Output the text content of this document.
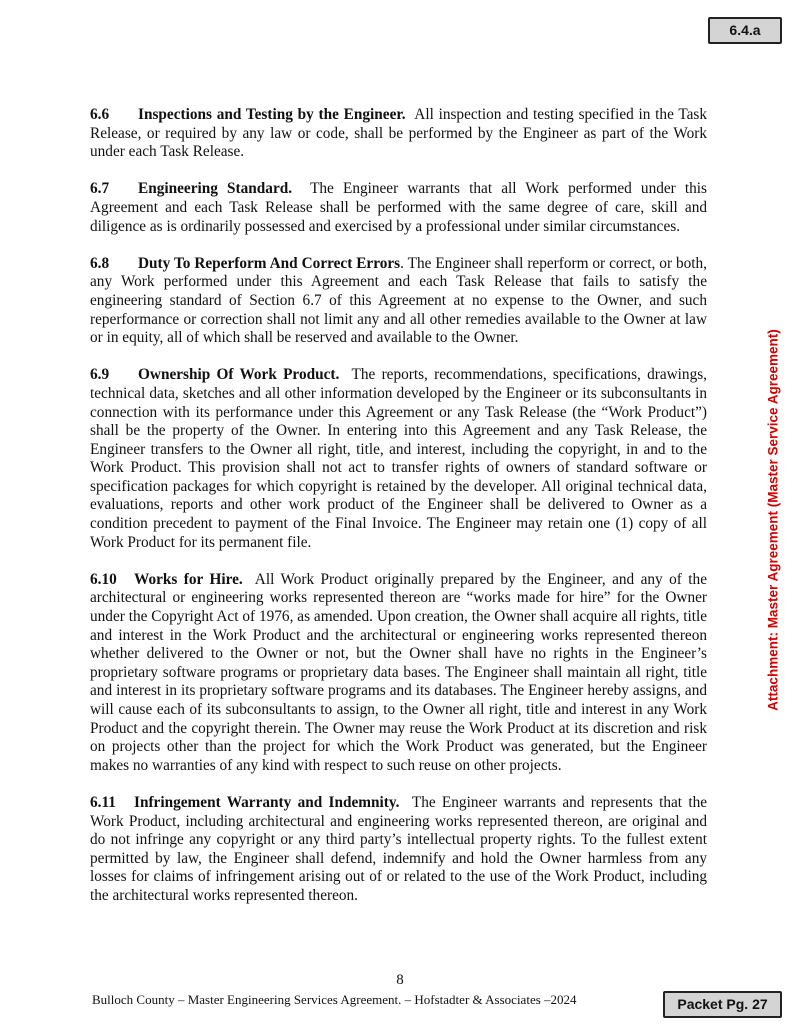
6.4.a

6.6 Inspections and Testing by the Engineer. All inspection and testing specified in the Task Release, or required by any law or code, shall be performed by the Engineer as part of the Work under each Task Release.

6.7 Engineering Standard. The Engineer warrants that all Work performed under this Agreement and each Task Release shall be performed with the same degree of care, skill and diligence as is ordinarily possessed and exercised by a professional under similar circumstances.

6.8 Duty To Reperform And Correct Errors. The Engineer shall reperform or correct, or both, any Work performed under this Agreement and each Task Release that fails to satisfy the engineering standard of Section 6.7 of this Agreement at no expense to the Owner, and such reperformance or correction shall not limit any and all other remedies available to the Owner at law or in equity, all of which shall be reserved and available to the Owner.

6.9 Ownership Of Work Product. The reports, recommendations, specifications, drawings, technical data, sketches and all other information developed by the Engineer or its subconsultants in connection with its performance under this Agreement or any Task Release (the “Work Product”) shall be the property of the Owner. In entering into this Agreement and any Task Release, the Engineer transfers to the Owner all right, title, and interest, including the copyright, in and to the Work Product. This provision shall not act to transfer rights of owners of standard software or specification packages for which copyright is retained by the developer. All original technical data, evaluations, reports and other work product of the Engineer shall be delivered to Owner as a condition precedent to payment of the Final Invoice. The Engineer may retain one (1) copy of all Work Product for its permanent file.

6.10 Works for Hire. All Work Product originally prepared by the Engineer, and any of the architectural or engineering works represented thereon are “works made for hire” for the Owner under the Copyright Act of 1976, as amended. Upon creation, the Owner shall acquire all rights, title and interest in the Work Product and the architectural or engineering works represented thereon whether delivered to the Owner or not, but the Owner shall have no rights in the Engineer’s proprietary software programs or proprietary data bases. The Engineer shall maintain all right, title and interest in its proprietary software programs and its databases. The Engineer hereby assigns, and will cause each of its subconsultants to assign, to the Owner all right, title and interest in any Work Product and the copyright therein. The Owner may reuse the Work Product at its discretion and risk on projects other than the project for which the Work Product was generated, but the Engineer makes no warranties of any kind with respect to such reuse on other projects.

6.11 Infringement Warranty and Indemnity. The Engineer warrants and represents that the Work Product, including architectural and engineering works represented thereon, are original and do not infringe any copyright or any third party’s intellectual property rights. To the fullest extent permitted by law, the Engineer shall defend, indemnify and hold the Owner harmless from any losses for claims of infringement arising out of or related to the use of the Work Product, including the architectural works represented thereon.

Attachment: Master Agreement (Master Service Agreement)
8
Bulloch County – Master Engineering Services Agreement. – Hofstadter & Associates –2024	Packet Pg. 27
